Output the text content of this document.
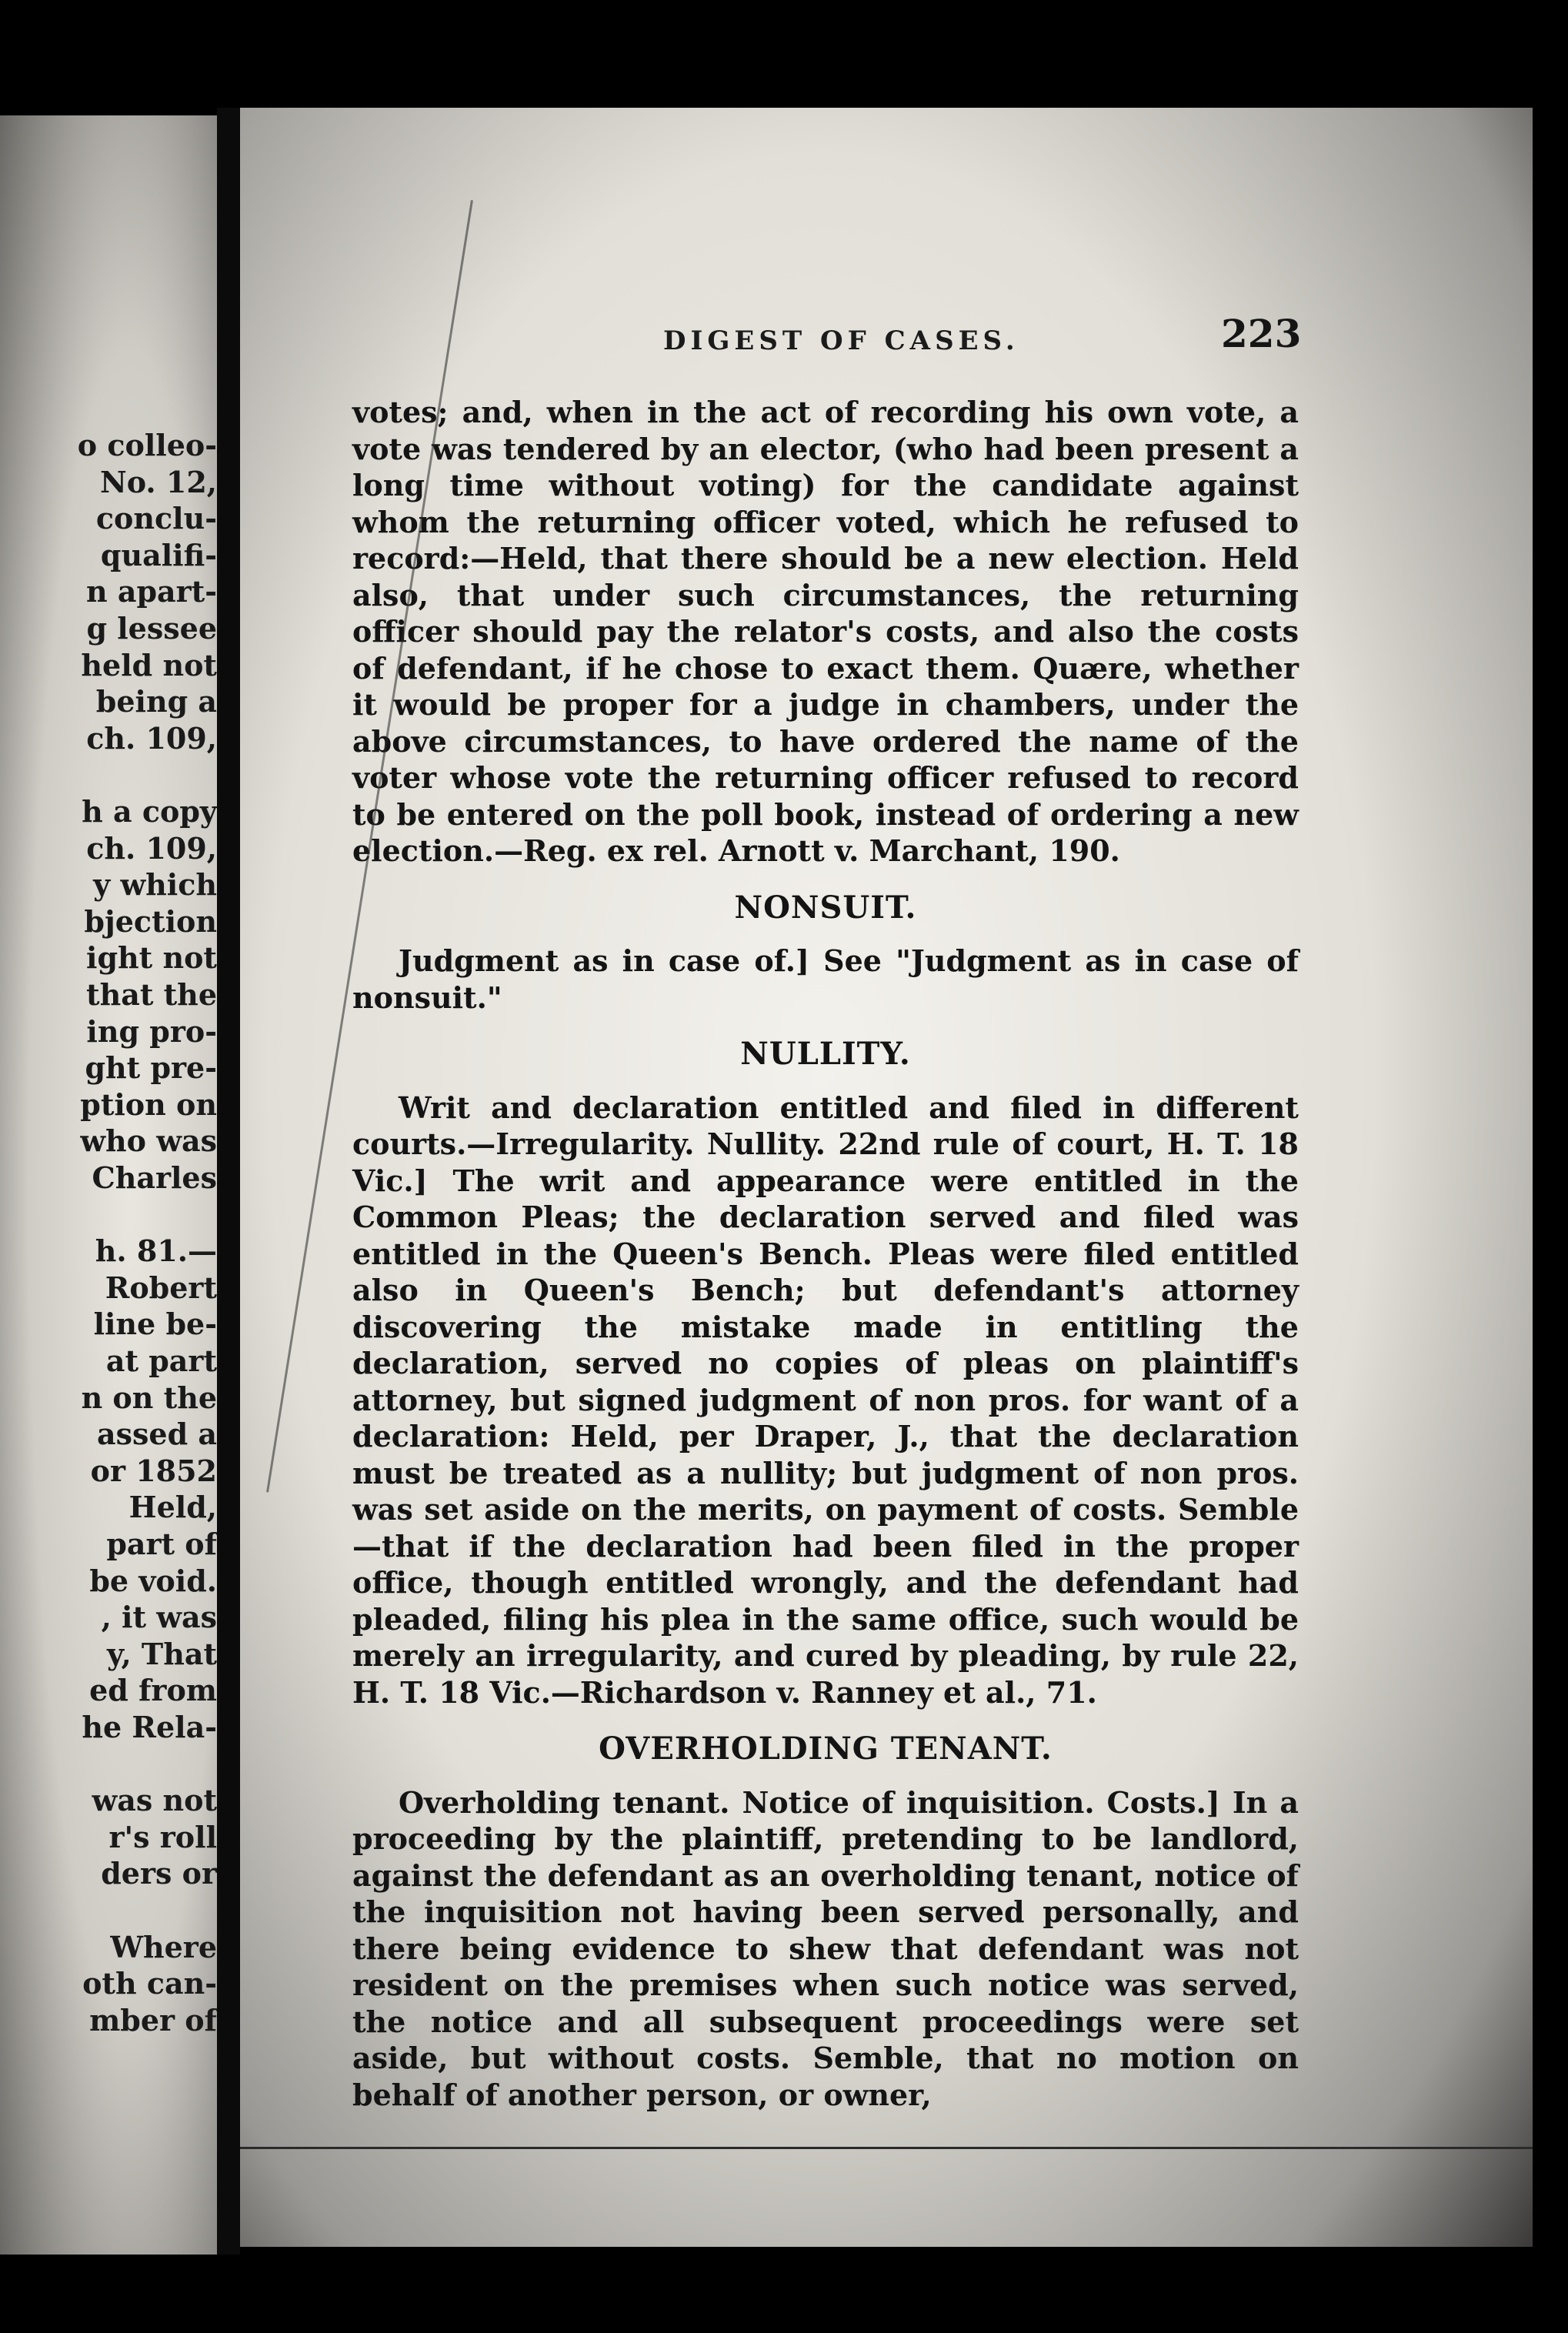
o colleo-
No. 12,
conclu-
qualifi-
n apart-
g lessee
held not
being a
ch. 109,
h a copy
ch. 109,
y which
bjection
ight not
that the
ing pro-
ght pre-
ption on
who was
Charles
h. 81.—
Robert
line be-
at part
n on the
assed a
or 1852
Held,
part of
be void.
, it was
y, That
ed from
he Rela-
was not
r's roll
ders or
Where
oth can-
mber of
DIGEST OF CASES.	223

votes; and, when in the act of recording his own vote, a vote was tendered by an elector, (who had been present a long time without voting) for the candidate against whom the returning officer voted, which he refused to record:—Held, that there should be a new election. Held also, that under such circumstances, the returning officer should pay the relator's costs, and also the costs of defendant, if he chose to exact them. Quære, whether it would be proper for a judge in chambers, under the above circumstances, to have ordered the name of the voter whose vote the returning officer refused to record to be entered on the poll book, instead of ordering a new election.—Reg. ex rel. Arnott v. Marchant, 190.

NONSUIT.

Judgment as in case of.] See "Judgment as in case of nonsuit."

NULLITY.

Writ and declaration entitled and filed in different courts.—Irregularity. Nullity. 22nd rule of court, H. T. 18 Vic.] The writ and appearance were entitled in the Common Pleas; the declaration served and filed was entitled in the Queen's Bench. Pleas were filed entitled also in Queen's Bench; but defendant's attorney discovering the mistake made in entitling the declaration, served no copies of pleas on plaintiff's attorney, but signed judgment of non pros. for want of a declaration: Held, per Draper, J., that the declaration must be treated as a nullity; but judgment of non pros. was set aside on the merits, on payment of costs. Semble—that if the declaration had been filed in the proper office, though entitled wrongly, and the defendant had pleaded, filing his plea in the same office, such would be merely an irregularity, and cured by pleading, by rule 22, H. T. 18 Vic.—Richardson v. Ranney et al., 71.

OVERHOLDING TENANT.

Overholding tenant. Notice of inquisition. Costs.] In a proceeding by the plaintiff, pretending to be landlord, against the defendant as an overholding tenant, notice of the inquisition not having been served personally, and there being evidence to shew that defendant was not resident on the premises when such notice was served, the notice and all subsequent proceedings were set aside, but without costs. Semble, that no motion on behalf of another person, or owner,
